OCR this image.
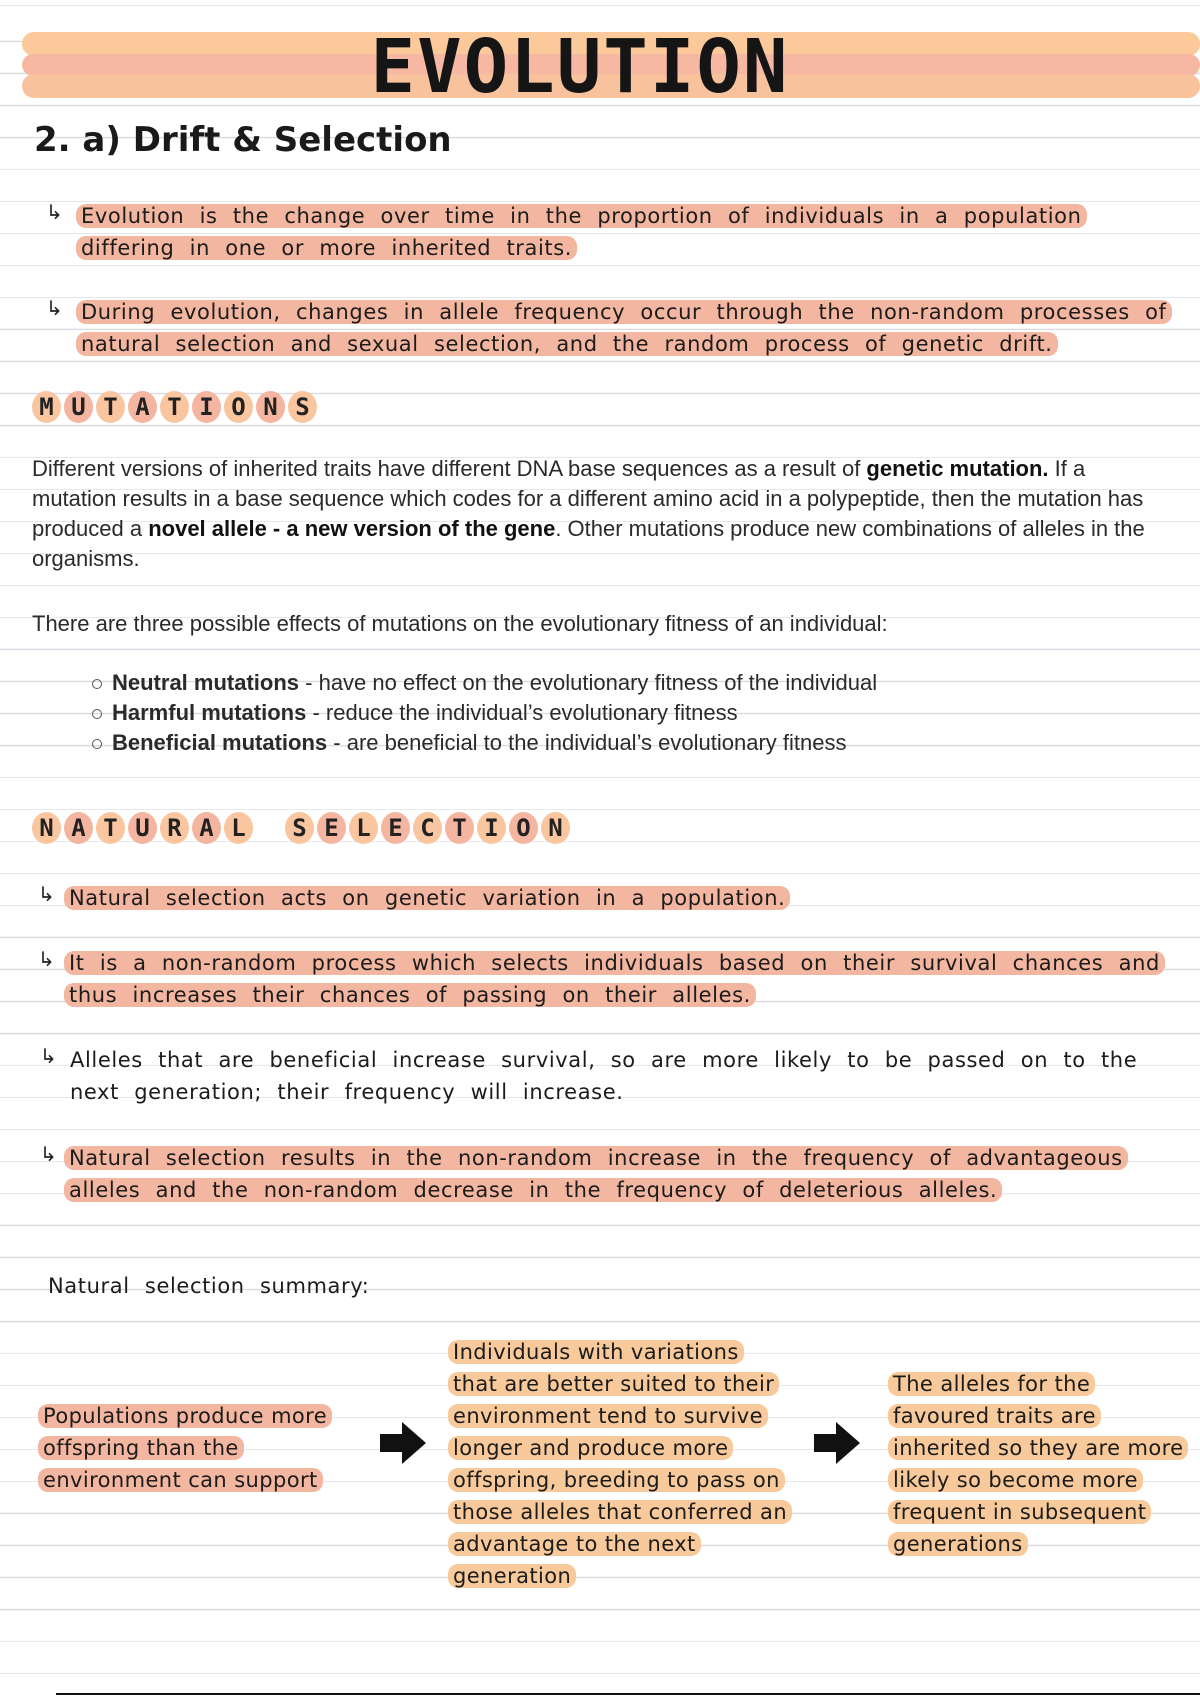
EVOLUTION
2. a) Drift & Selection
↳ Evolution is the change over time in the proportion of individuals in a population differing in one or more inherited traits.
↳ During evolution, changes in allele frequency occur through the non-random processes of natural selection and sexual selection, and the random process of genetic drift.
M U T A T I O N S
Different versions of inherited traits have different DNA base sequences as a result of genetic mutation. If a mutation results in a base sequence which codes for a different amino acid in a polypeptide, then the mutation has produced a novel allele - a new version of the gene. Other mutations produce new combinations of alleles in the organisms.
There are three possible effects of mutations on the evolutionary fitness of an individual:
Neutral mutations - have no effect on the evolutionary fitness of the individual
Harmful mutations - reduce the individual’s evolutionary fitness
Beneficial mutations - are beneficial to the individual’s evolutionary fitness
N A T U R A L	S E L E C T I O N
↳ Natural selection acts on genetic variation in a population.
↳ It is a non-random process which selects individuals based on their survival chances and thus increases their chances of passing on their alleles.
↳ Alleles that are beneficial increase survival, so are more likely to be passed on to the next generation; their frequency will increase.
↳ Natural selection results in the non-random increase in the frequency of advantageous alleles and the non-random decrease in the frequency of deleterious alleles.
Natural selection summary:
Populations produce more offspring than the environment can support
Individuals with variations that are better suited to their environment tend to survive longer and produce more offspring, breeding to pass on those alleles that conferred an advantage to the next generation
The alleles for the favoured traits are inherited so they are more likely so become more frequent in subsequent generations
